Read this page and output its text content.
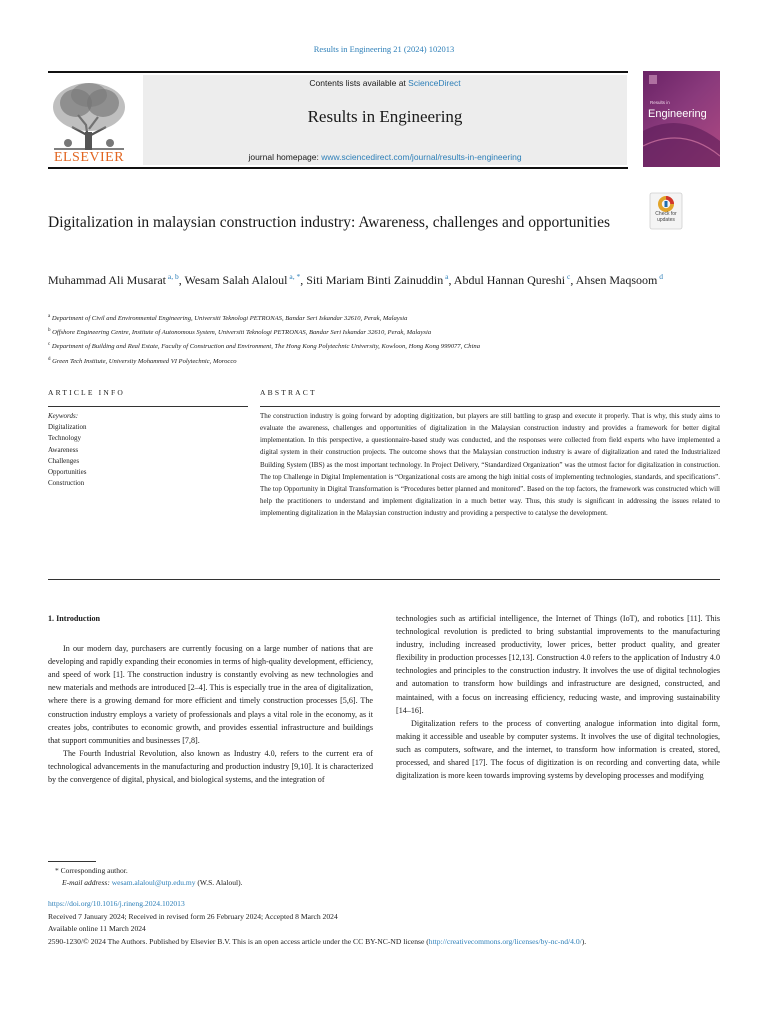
Results in Engineering 21 (2024) 102013
ELSEVIER
Contents lists available at ScienceDirect
Results in Engineering
journal homepage: www.sciencedirect.com/journal/results-in-engineering
Results in
Engineering
Digitalization in malaysian construction industry: Awareness, challenges and opportunities	Check for
updates
Muhammad Ali Musarat $^{a, b}$, Wesam Salah Alaloul $^{a, *}$, Siti Mariam Binti Zainuddin $^a$, Abdul Hannan Qureshi $^c$, Ahsen Maqsoom $^d$
$^a$ Department of Civil and Environmental Engineering, Universiti Teknologi PETRONAS, Bandar Seri Iskandar 32610, Perak, Malaysia
$^b$ Offshore Engineering Centre, Institute of Autonomous System, Universiti Teknologi PETRONAS, Bandar Seri Iskandar 32610, Perak, Malaysia
$^c$ Department of Building and Real Estate, Faculty of Construction and Environment, The Hong Kong Polytechnic University, Kowloon, Hong Kong 999077, China
$^d$ Green Tech Institute, University Mohammed VI Polytechnic, Morocco
ARTICLE INFO	ABSTRACT
Keywords:
Digitalization
Technology
Awareness
Challenges
Opportunities
Construction
The construction industry is going forward by adopting digitization, but players are still battling to grasp and execute it properly. That is why, this study aims to evaluate the awareness, challenges and opportunities of digitalization in the Malaysian construction industry and provides a framework for better digital implementation. In this perspective, a questionnaire-based study was conducted, and the responses were collected from field experts who have implemented a digital system in their construction projects. The outcome shows that the Malaysian construction industry is aware of digitalization and rated the Industrialized Building System (IBS) as the most important technology. In Project Delivery, “Standardized Organization” was the utmost factor for digitalization in construction. The top Challenge in Digital Implementation is “Organizational costs are among the high initial costs of implementing technologies, standards, and specifications”. The top Opportunity in Digital Transformation is “Procedures better planned and monitored”. Based on the top factors, the framework was constructed which will help the practitioners to understand and implement digitalization in a much better way. Thus, this study is significant in addressing the issues related to implementing digitalization in the Malaysian construction industry and providing a perspective to catalyse the development.
1. Introduction

In our modern day, purchasers are currently focusing on a large number of nations that are developing and rapidly expanding their economies in terms of high-quality development, efficiency, and speed of work [1]. The construction industry is constantly evolving as new technologies and new materials and methods are introduced [2–4]. This is especially true in the area of digitalization, where there is a growing demand for more efficient and timely construction processes [5,6]. The construction industry employs a variety of professionals and plays a vital role in the economy, as it creates jobs, contributes to economic growth, and provides essential infrastructure and buildings that support communities and businesses [7,8].

The Fourth Industrial Revolution, also known as Industry 4.0, refers to the current era of technological advancements in the manufacturing and production industry [9,10]. It is characterized by the convergence of digital, physical, and biological systems, and the integration of

technologies such as artificial intelligence, the Internet of Things (IoT), and robotics [11]. This technological revolution is predicted to bring substantial improvements to the manufacturing industry, including increased productivity, lower prices, better product quality, and greater flexibility in production processes [12,13]. Construction 4.0 refers to the application of Industry 4.0 technologies and principles to the construction industry. It involves the use of digital technologies and automation to transform how buildings and infrastructure are designed, constructed, and maintained, with a focus on increasing efficiency, reducing waste, and improving sustainability [14–16].

Digitalization refers to the process of converting analogue information into digital form, making it accessible and useable by computer systems. It involves the use of digital technologies, such as computers, software, and the internet, to transform how information is created, stored, processed, and shared [17]. The focus of digitization is on recording and converting data, while digitalization is more keen towards improving systems by developing processes and modifying

* Corresponding author.
E-mail address: wesam.alaloul@utp.edu.my (W.S. Alaloul).
https://doi.org/10.1016/j.rineng.2024.102013
Received 7 January 2024; Received in revised form 26 February 2024; Accepted 8 March 2024
Available online 11 March 2024
2590-1230/© 2024 The Authors. Published by Elsevier B.V. This is an open access article under the CC BY-NC-ND license (http://creativecommons.org/licenses/by-nc-nd/4.0/).
